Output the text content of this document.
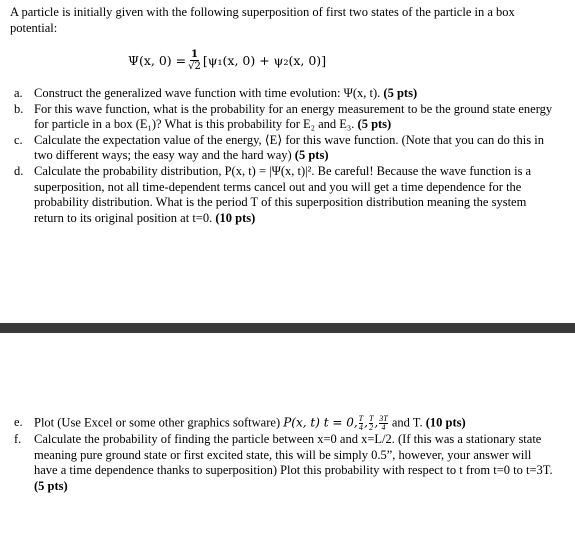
A particle is initially given with the following superposition of first two states of the particle in a box potential:
Ψ(x, $0) = \frac{1}{√2} [\psi_1(x$, 0) + ψ₂(x, 0)]
a. Construct the generalized wave function with time evolution: Ψ(x, t). (5 pts)
b. For this wave function, what is the probability for an energy measurement to be the ground state energy for particle in a box (E₁)? What is this probability for E₂ and E₃. (5 pts)
c. Calculate the expectation value of the energy, ⟨E⟩ for this wave function. (Note that you can do this in two different ways; the easy way and the hard way) (5 pts)
d. Calculate the probability distribution, P(x, t) = |Ψ(x, t)|². Be careful! Because the wave function is a superposition, not all time-dependent terms cancel out and you will get a time dependence for the probability distribution. What is the period T of this superposition distribution meaning the system return to its original position at t=0. (10 pts)
e. Plot (Use Excel or some other graphics software) P(x, t) t = 0, $\frac{T}{4}$ , $\frac{T}{2}$ , $\frac{3T}{4}$ and T. (10 pts)
f. Calculate the probability of finding the particle between x=0 and x=L/2. (If this was a stationary state meaning pure ground state or first excited state, this will be simply 0.5”, however, your answer will have a time dependence thanks to superposition) Plot this probability with respect to t from t=0 to t=3T. (5 pts)
